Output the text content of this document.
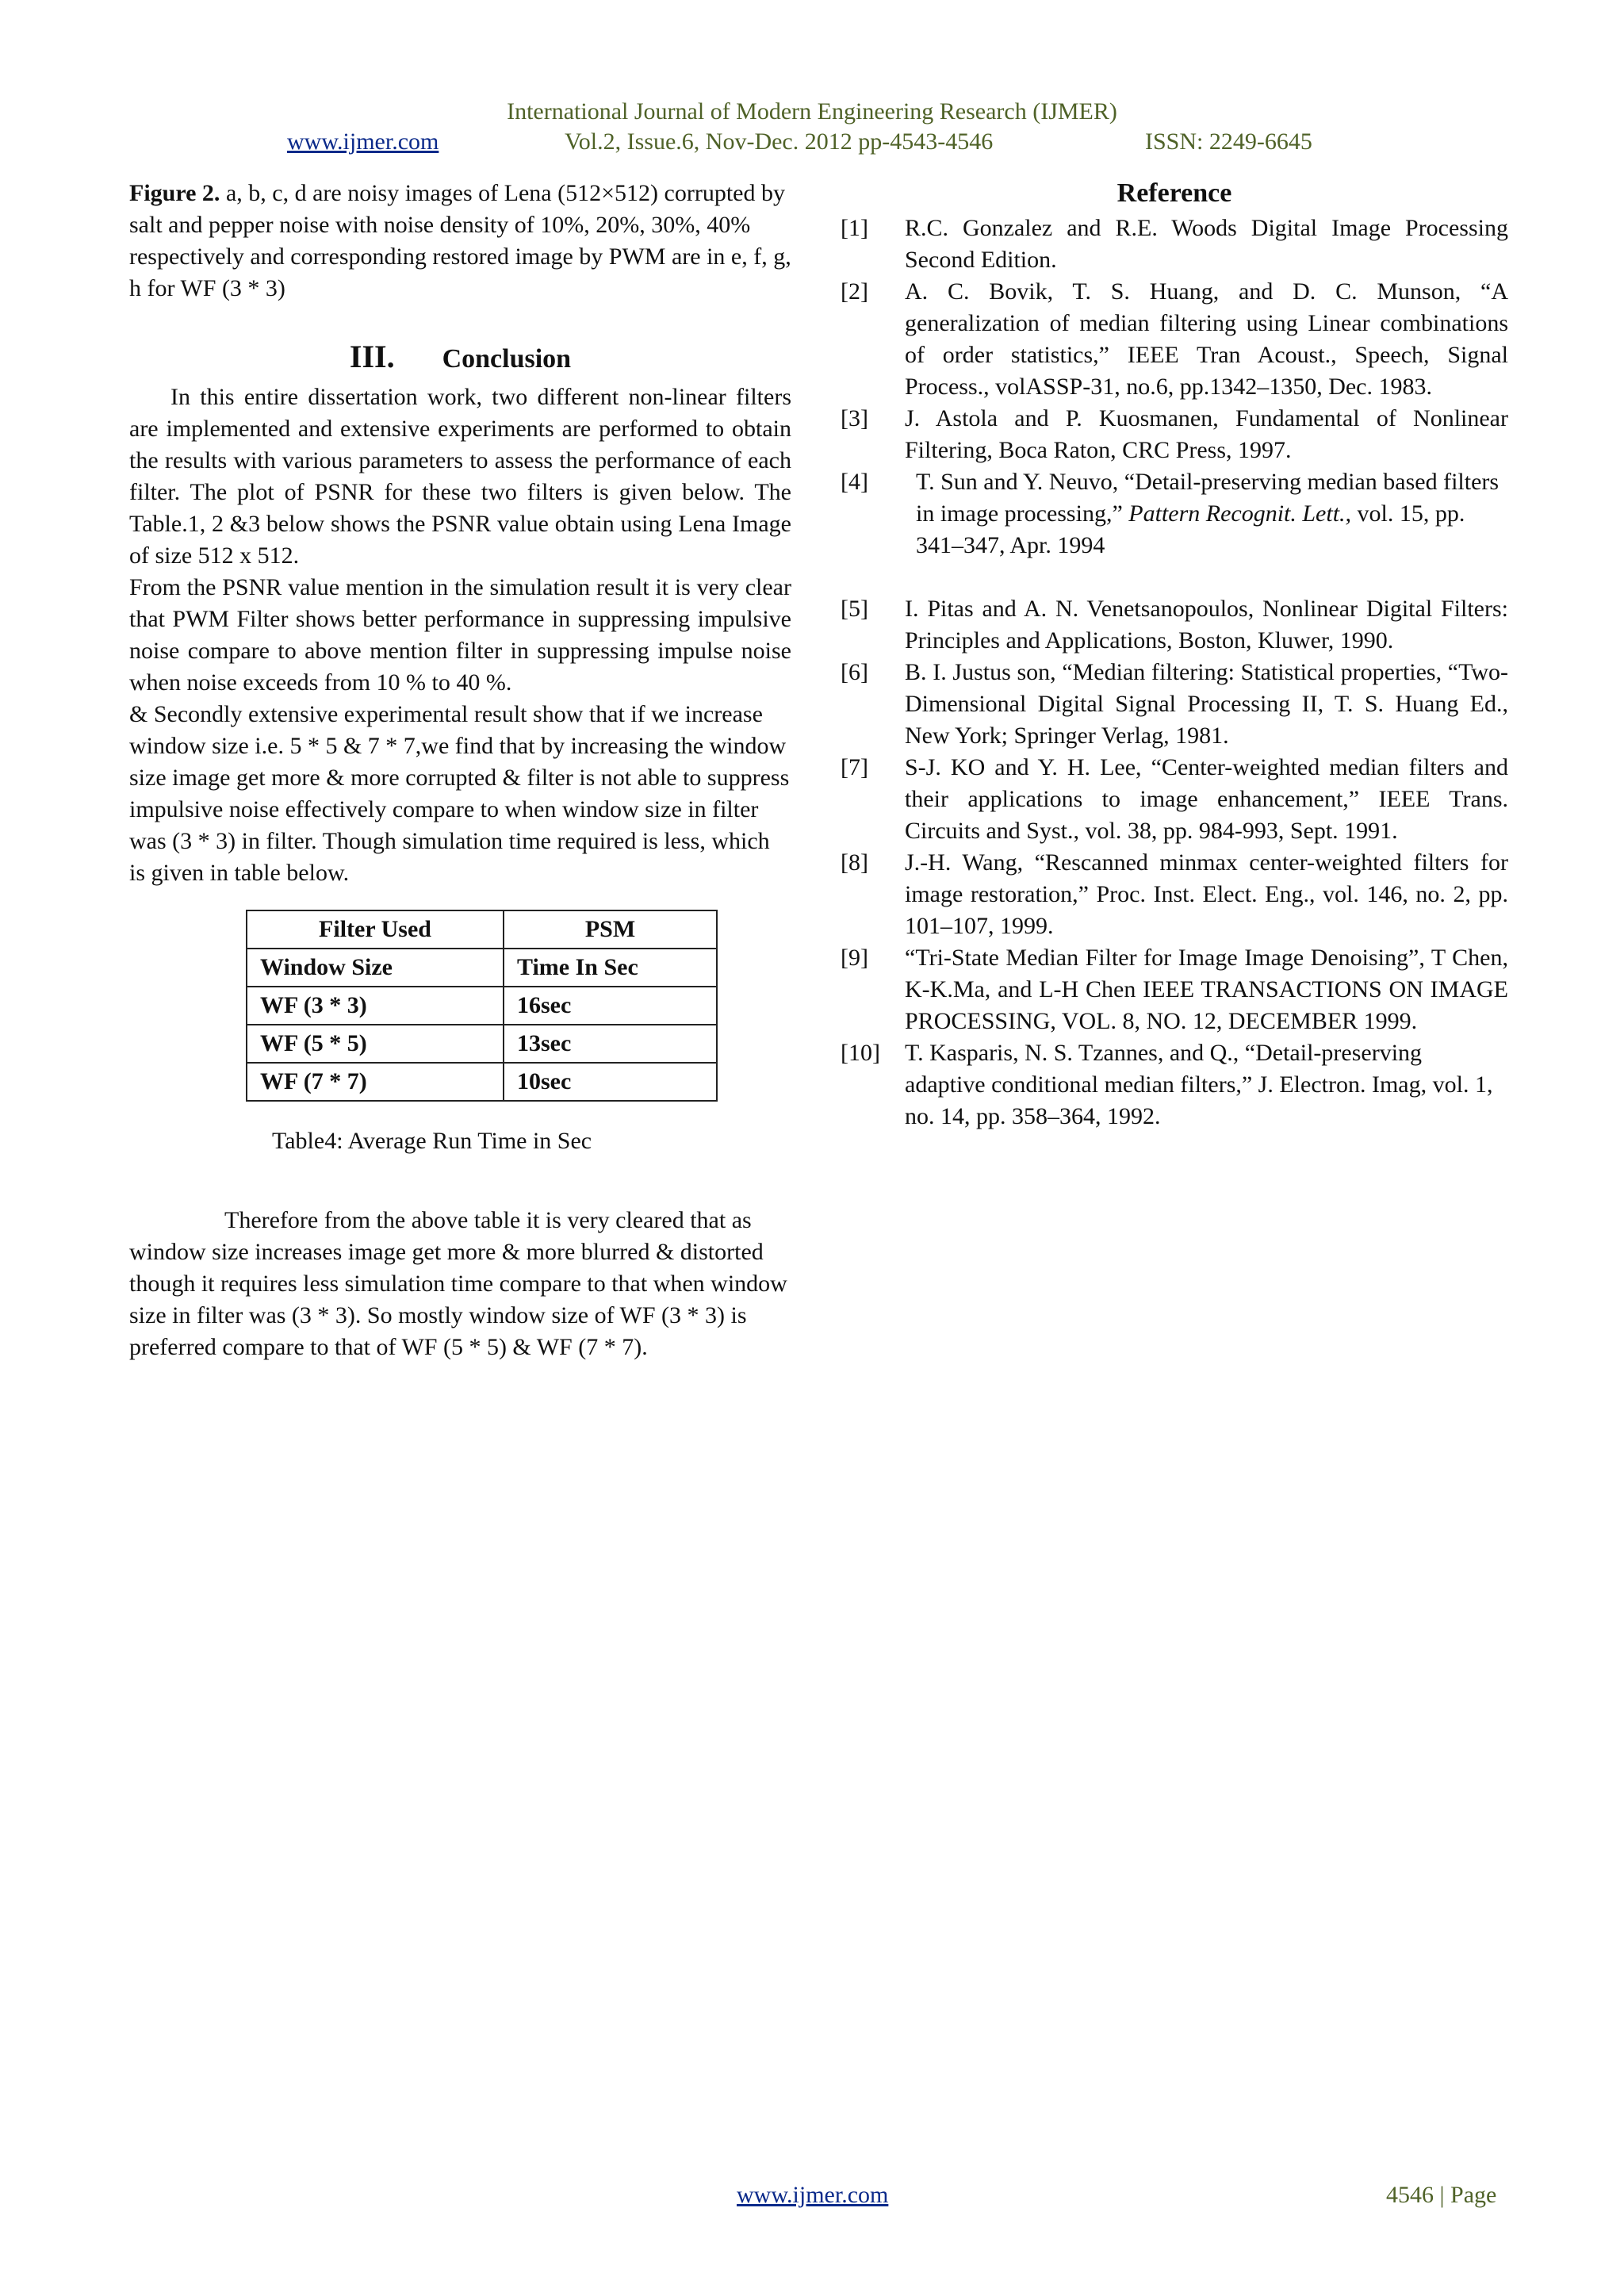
International Journal of Modern Engineering Research (IJMER)
www.ijmer.com	Vol.2, Issue.6, Nov-Dec. 2012 pp-4543-4546	ISSN: 2249-6645

Figure 2. a, b, c, d are noisy images of Lena (512×512) corrupted by salt and pepper noise with noise density of 10%, 20%, 30%, 40% respectively and corresponding restored image by PWM are in e, f, g, h for WF (3 * 3)

III. Conclusion

In this entire dissertation work, two different non-linear filters are implemented and extensive experiments are performed to obtain the results with various parameters to assess the performance of each filter. The plot of PSNR for these two filters is given below. The Table.1, 2 &3 below shows the PSNR value obtain using Lena Image of size 512 x 512.

From the PSNR value mention in the simulation result it is very clear that PWM Filter shows better performance in suppressing impulsive noise compare to above mention filter in suppressing impulse noise when noise exceeds from 10 % to 40 %.

& Secondly extensive experimental result show that if we increase window size i.e. 5 * 5 & 7 * 7,we find that by increasing the window size image get more & more corrupted & filter is not able to suppress impulsive noise effectively compare to when window size in filter was (3 * 3) in filter. Though simulation time required is less, which is given in table below.

Filter Used	PSM
Window Size	Time In Sec
WF (3 * 3)	16sec
WF (5 * 5)	13sec
WF (7 * 7)	10sec
Table4: Average Run Time in Sec

Therefore from the above table it is very cleared that as window size increases image get more & more blurred & distorted though it requires less simulation time compare to that when window size in filter was (3 * 3). So mostly window size of WF (3 * 3) is preferred compare to that of WF (5 * 5) & WF (7 * 7).

Reference
[1]	R.C. Gonzalez and R.E. Woods Digital Image Processing Second Edition.
[2]	A. C. Bovik, T. S. Huang, and D. C. Munson, “A generalization of median filtering using Linear combinations of order statistics,” IEEE Tran Acoust., Speech, Signal Process., volASSP-31, no.6, pp.1342–1350, Dec. 1983.
[3]	J. Astola and P. Kuosmanen, Fundamental of Nonlinear Filtering, Boca Raton, CRC Press, 1997.
[4]	T. Sun and Y. Neuvo, “Detail-preserving median based filters in image processing,” Pattern Recognit. Lett., vol. 15, pp. 341–347, Apr. 1994
[5]	I. Pitas and A. N. Venetsanopoulos, Nonlinear Digital Filters: Principles and Applications, Boston, Kluwer, 1990.
[6]	B. I. Justus son, “Median filtering: Statistical properties, “Two-Dimensional Digital Signal Processing II, T. S. Huang Ed., New York; Springer Verlag, 1981.
[7]	S-J. KO and Y. H. Lee, “Center-weighted median filters and their applications to image enhancement,” IEEE Trans. Circuits and Syst., vol. 38, pp. 984-993, Sept. 1991.
[8]	J.-H. Wang, “Rescanned minmax center-weighted filters for image restoration,” Proc. Inst. Elect. Eng., vol. 146, no. 2, pp. 101–107, 1999.
[9]	“Tri-State Median Filter for Image Image Denoising”, T Chen, K-K.Ma, and L-H Chen IEEE TRANSACTIONS ON IMAGE PROCESSING, VOL. 8, NO. 12, DECEMBER 1999.
[10]	T. Kasparis, N. S. Tzannes, and Q., “Detail-preserving adaptive conditional median filters,” J. Electron. Imag, vol. 1, no. 14, pp. 358–364, 1992.
www.ijmer.com	4546 | Page
